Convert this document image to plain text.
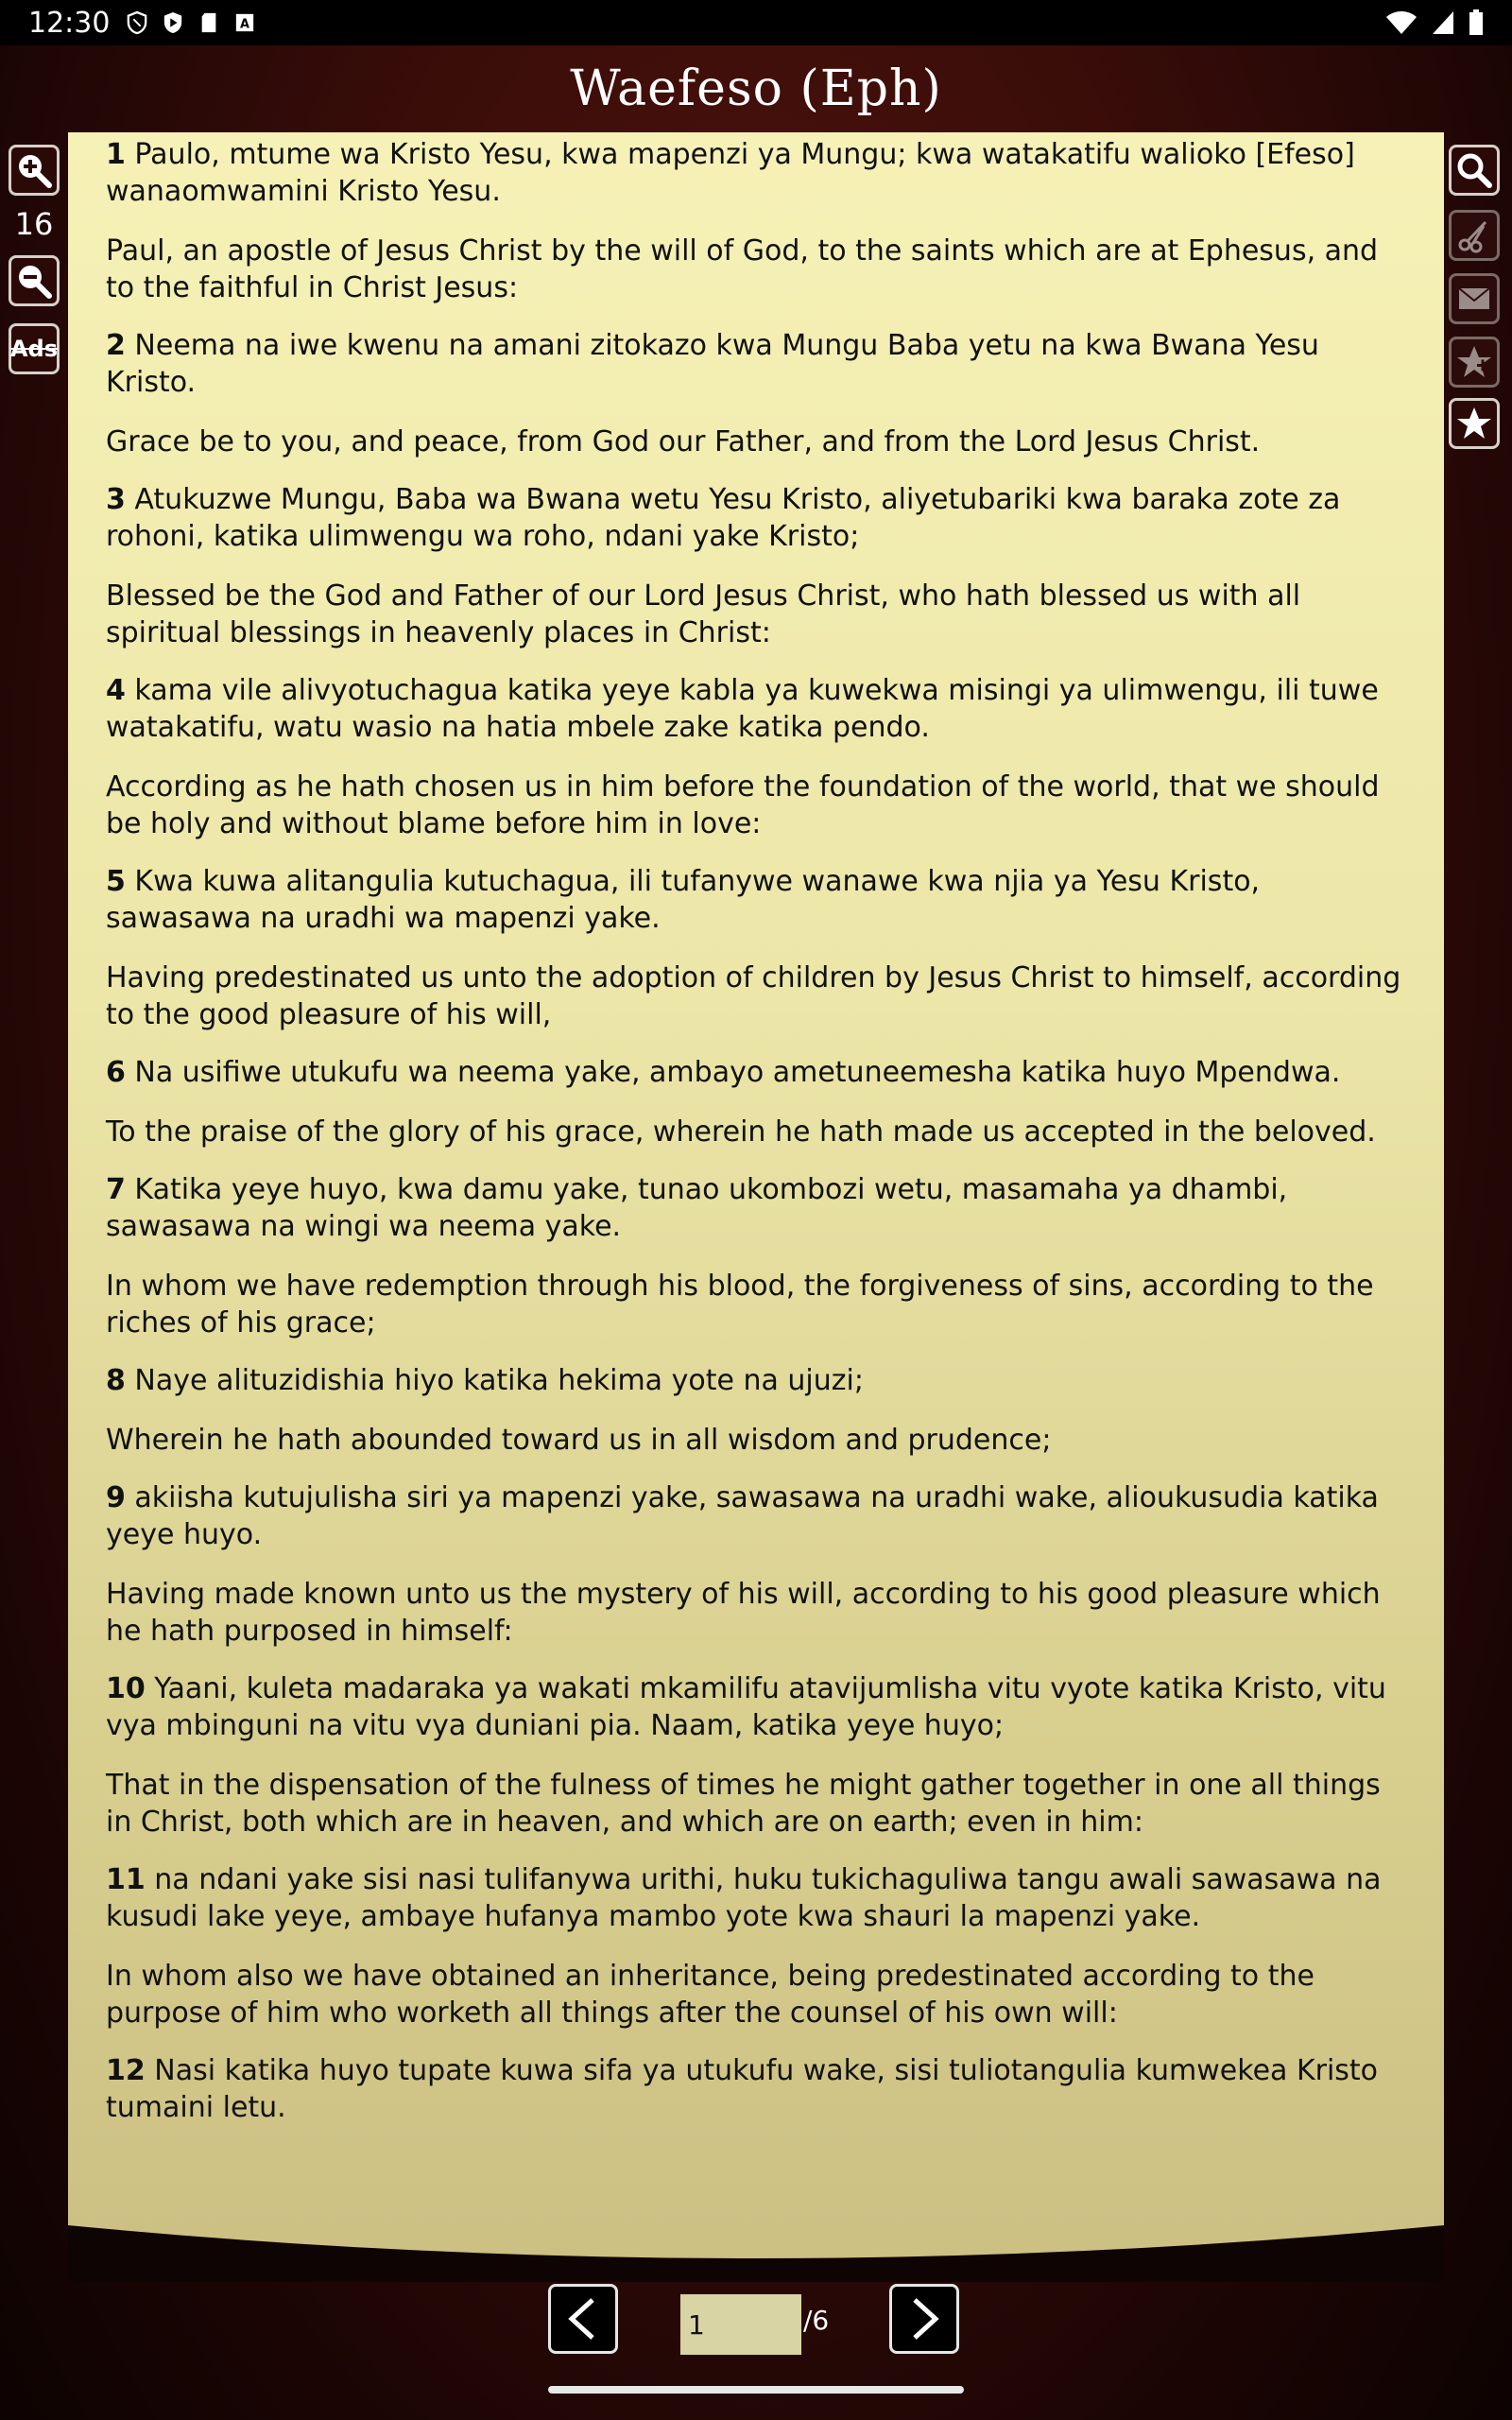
12:30	A
Waefeso (Eph)
16
Ads

1 Paulo, mtume wa Kristo Yesu, kwa mapenzi ya Mungu; kwa watakatifu walioko [Efeso] wanaomwamini Kristo Yesu.

Paul, an apostle of Jesus Christ by the will of God, to the saints which are at Ephesus, and to the faithful in Christ Jesus:

2 Neema na iwe kwenu na amani zitokazo kwa Mungu Baba yetu na kwa Bwana Yesu Kristo.

Grace be to you, and peace, from God our Father, and from the Lord Jesus Christ.

3 Atukuzwe Mungu, Baba wa Bwana wetu Yesu Kristo, aliyetubariki kwa baraka zote za rohoni, katika ulimwengu wa roho, ndani yake Kristo;

Blessed be the God and Father of our Lord Jesus Christ, who hath blessed us with all spiritual blessings in heavenly places in Christ:

4 kama vile alivyotuchagua katika yeye kabla ya kuwekwa misingi ya ulimwengu, ili tuwe watakatifu, watu wasio na hatia mbele zake katika pendo.

According as he hath chosen us in him before the foundation of the world, that we should be holy and without blame before him in love:

5 Kwa kuwa alitangulia kutuchagua, ili tufanywe wanawe kwa njia ya Yesu Kristo, sawasawa na uradhi wa mapenzi yake.

Having predestinated us unto the adoption of children by Jesus Christ to himself, according to the good pleasure of his will,

6 Na usifiwe utukufu wa neema yake, ambayo ametuneemesha katika huyo Mpendwa.

To the praise of the glory of his grace, wherein he hath made us accepted in the beloved.

7 Katika yeye huyo, kwa damu yake, tunao ukombozi wetu, masamaha ya dhambi, sawasawa na wingi wa neema yake.

In whom we have redemption through his blood, the forgiveness of sins, according to the riches of his grace;

8 Naye alituzidishia hiyo katika hekima yote na ujuzi;

Wherein he hath abounded toward us in all wisdom and prudence;

9 akiisha kutujulisha siri ya mapenzi yake, sawasawa na uradhi wake, alioukusudia katika yeye huyo.

Having made known unto us the mystery of his will, according to his good pleasure which he hath purposed in himself:

10 Yaani, kuleta madaraka ya wakati mkamilifu atavijumlisha vitu vyote katika Kristo, vitu vya mbinguni na vitu vya duniani pia. Naam, katika yeye huyo;

That in the dispensation of the fulness of times he might gather together in one all things in Christ, both which are in heaven, and which are on earth; even in him:

11 na ndani yake sisi nasi tulifanywa urithi, huku tukichaguliwa tangu awali sawasawa na kusudi lake yeye, ambaye hufanya mambo yote kwa shauri la mapenzi yake.

In whom also we have obtained an inheritance, being predestinated according to the purpose of him who worketh all things after the counsel of his own will:

12 Nasi katika huyo tupate kuwa sifa ya utukufu wake, sisi tuliotangulia kumwekea Kristo tumaini letu.

1
/6
